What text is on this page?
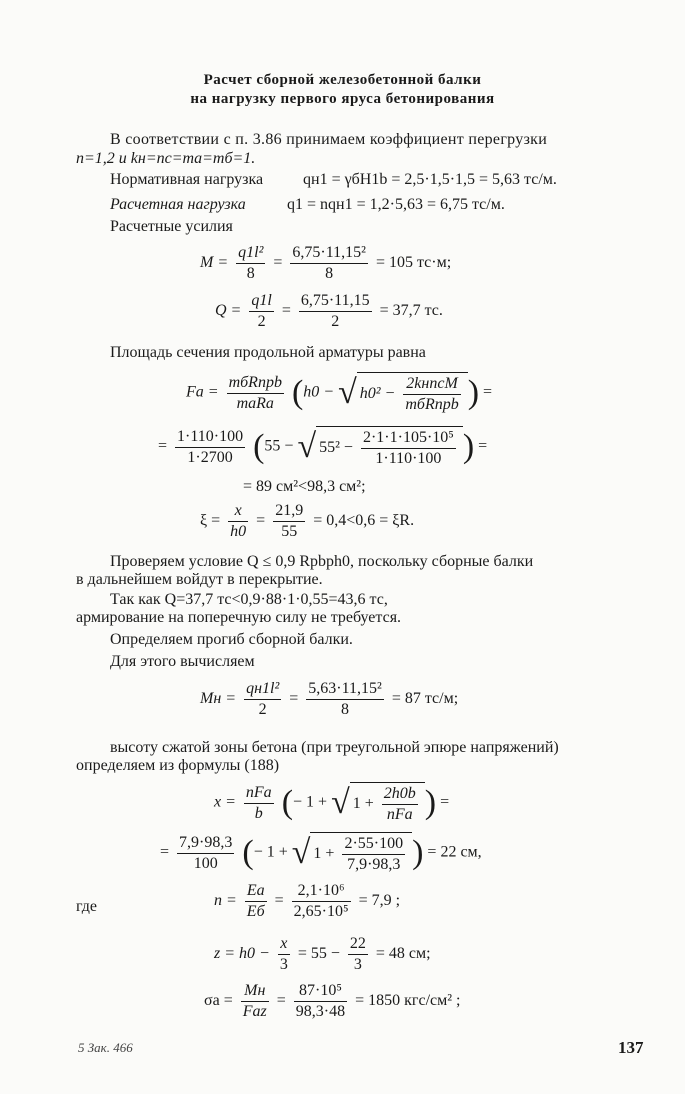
Расчет сборной железобетонной балки
на нагрузку первого яруса бетонирования
В соответствии с п. 3.86 принимаем коэффициент перегрузки
n=1,2 и kн=nс=mа=mб=1.
Нормативная нагрузка qн1 = γбH1b = 2,5·1,5·1,5 = 5,63 тс/м.
Расчетная нагрузка	q1 = nqн1 = 1,2·5,63 = 6,75 тс/м.
Расчетные усилия
$M = \frac{\text{q1l²}}{8} = \frac{\text{6,75·11,15²}}{8} = 105$ тс·м;
$Q = \frac{q1l}{2} = \frac{6,75\cdot 11,15}{2} = 37,7$ тс.
Площадь сечения продольной арматуры равна
Fа = $\frac{\text{mбRпрb}}{\text{mаRа}} (h0$ − √ $h0^2 - \frac{\text{2kнnсM}}{\text{mбRпрb}}$ ) =
= $\frac{1\cdot 110\cdot 100}{1\cdot 2700} (55$ − √ $55^2 - \frac{\text{2·1·1·105·10⁵}}{1\cdot 110\cdot 100}$ ) =
= 89 см²<98,3 см²;
$\xi = \frac{x}{h0} = \frac{21,9}{55} = 0,4<0,6 = \xi R$.
Проверяем условие Q ≤ 0,9 Rpbph0, поскольку сборные балки
в дальнейшем войдут в перекрытие.
Так как Q=37,7 тс<0,9·88·1·0,55=43,6 тс,
армирование на поперечную силу не требуется.
Определяем прогиб сборной балки.
Для этого вычисляем
Mн = $\frac{\text{qн1l²}}{2} = \frac{\text{5,63·11,15²}}{8} = 87$ тс/м;
высоту сжатой зоны бетона (при треугольной эпюре напряжений)
определяем из формулы (188)
$x = \frac{\text{nFа}}{b}$ (− 1 + √ $1 + \frac{2h0b}{\text{nFа}}$ ) =
= $\frac{7,9\cdot 98,3}{100}$ (− 1 + √ $1 + \frac{2\cdot 55\cdot 100}{7,9\cdot 98,3}$ ) = 22 см,
где	$n = \frac{Eа}{Eб} = \frac{\text{2,1·10⁶}}{\text{2,65·10⁵}} = 7,9$ ;
$z = h0 - \frac{x}{3} = 55 - \frac{22}{3} = 48$ см;
$\sigma а = \frac{Mн}{\text{Fаz}} = \frac{\text{87·10⁵}}{98,3\cdot 48} = 1850$ кгс/см² ;
5 Зак. 466	137
